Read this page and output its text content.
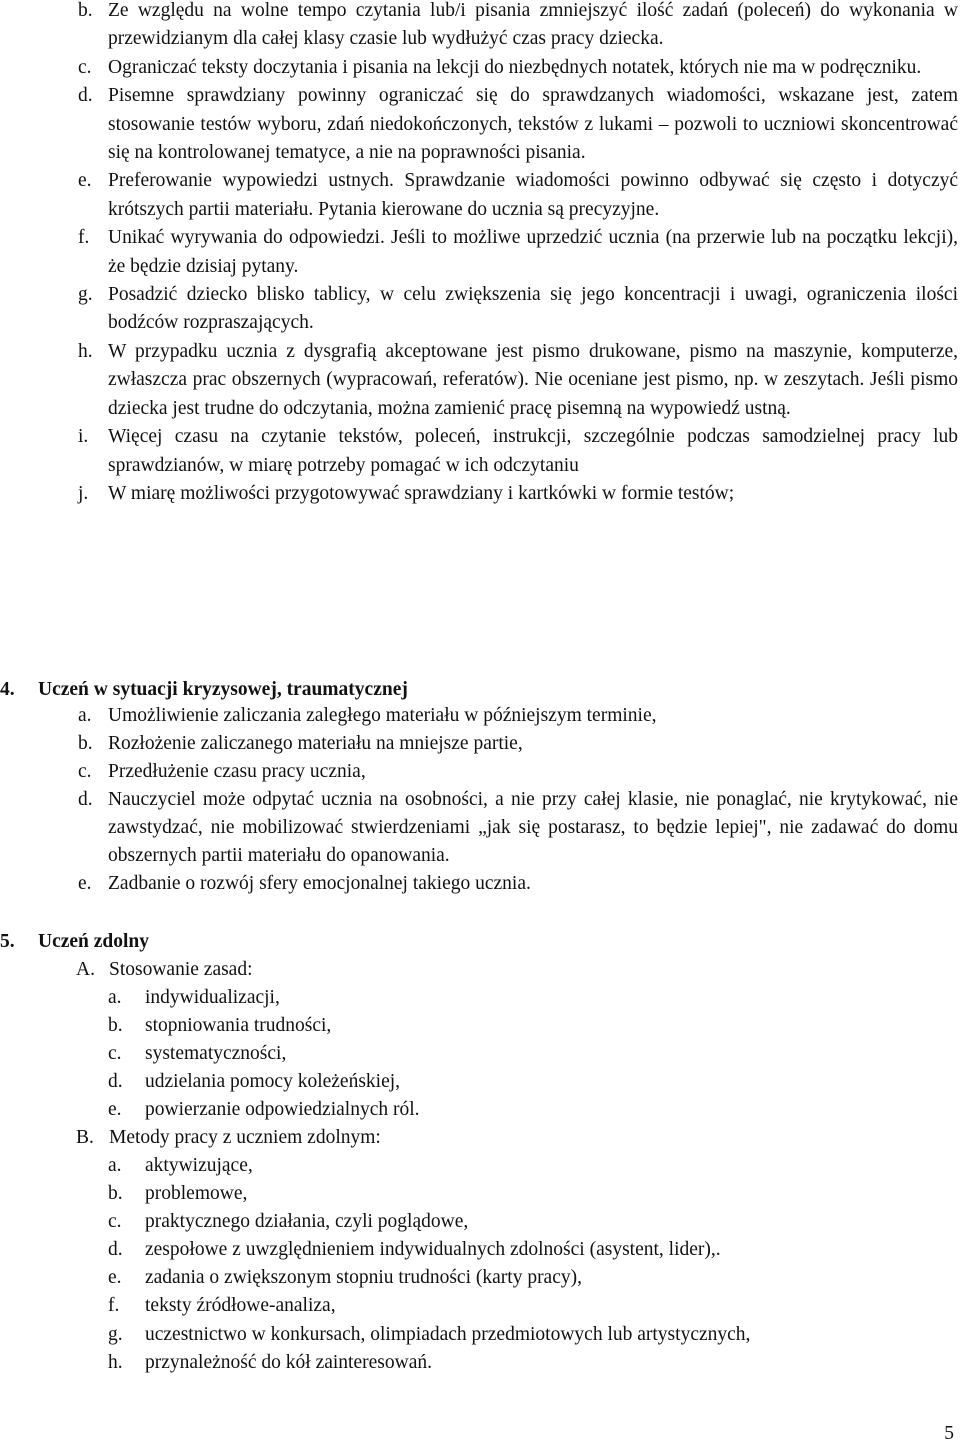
b. Ze względu na wolne tempo czytania lub/i pisania zmniejszyć ilość zadań (poleceń) do wykonania w przewidzianym dla całej klasy czasie lub wydłużyć czas pracy dziecka.
c. Ograniczać teksty doczytania i pisania na lekcji do niezbędnych notatek, których nie ma w podręczniku.
d. Pisemne sprawdziany powinny ograniczać się do sprawdzanych wiadomości, wskazane jest, zatem stosowanie testów wyboru, zdań niedokończonych, tekstów z lukami – pozwoli to uczniowi skoncentrować się na kontrolowanej tematyce, a nie na poprawności pisania.
e. Preferowanie wypowiedzi ustnych. Sprawdzanie wiadomości powinno odbywać się często i dotyczyć krótszych partii materiału. Pytania kierowane do ucznia są precyzyjne.
f. Unikać wyrywania do odpowiedzi. Jeśli to możliwe uprzedzić ucznia (na przerwie lub na początku lekcji), że będzie dzisiaj pytany.
g. Posadzić dziecko blisko tablicy, w celu zwiększenia się jego koncentracji i uwagi, ograniczenia ilości bodźców rozpraszających.
h. W przypadku ucznia z dysgrafią akceptowane jest pismo drukowane, pismo na maszynie, komputerze, zwłaszcza prac obszernych (wypracowań, referatów). Nie oceniane jest pismo, np. w zeszytach. Jeśli pismo dziecka jest trudne do odczytania, można zamienić pracę pisemną na wypowiedź ustną.
i. Więcej czasu na czytanie tekstów, poleceń, instrukcji, szczególnie podczas samodzielnej pracy lub sprawdzianów, w miarę potrzeby pomagać w ich odczytaniu
j. W miarę możliwości przygotowywać sprawdziany i kartkówki w formie testów;
4. Uczeń w sytuacji kryzysowej, traumatycznej
a. Umożliwienie zaliczania zaległego materiału w późniejszym terminie,
b. Rozłożenie zaliczanego materiału na mniejsze partie,
c. Przedłużenie czasu pracy ucznia,
d. Nauczyciel może odpytać ucznia na osobności, a nie przy całej klasie, nie ponaglać, nie krytykować, nie zawstydzać, nie mobilizować stwierdzeniami „jak się postarasz, to będzie lepiej", nie zadawać do domu obszernych partii materiału do opanowania.
e. Zadbanie o rozwój sfery emocjonalnej takiego ucznia.
5. Uczeń zdolny
A. Stosowanie zasad:
a. indywidualizacji,
b. stopniowania trudności,
c. systematyczności,
d. udzielania pomocy koleżeńskiej,
e. powierzanie odpowiedzialnych ról.
B. Metody pracy z uczniem zdolnym:
a. aktywizujące,
b. problemowe,
c. praktycznego działania, czyli poglądowe,
d. zespołowe z uwzględnieniem indywidualnych zdolności (asystent, lider),.
e. zadania o zwiększonym stopniu trudności (karty pracy),
f. teksty źródłowe-analiza,
g. uczestnictwo w konkursach, olimpiadach przedmiotowych lub artystycznych,
h. przynależność do kół zainteresowań.
5
